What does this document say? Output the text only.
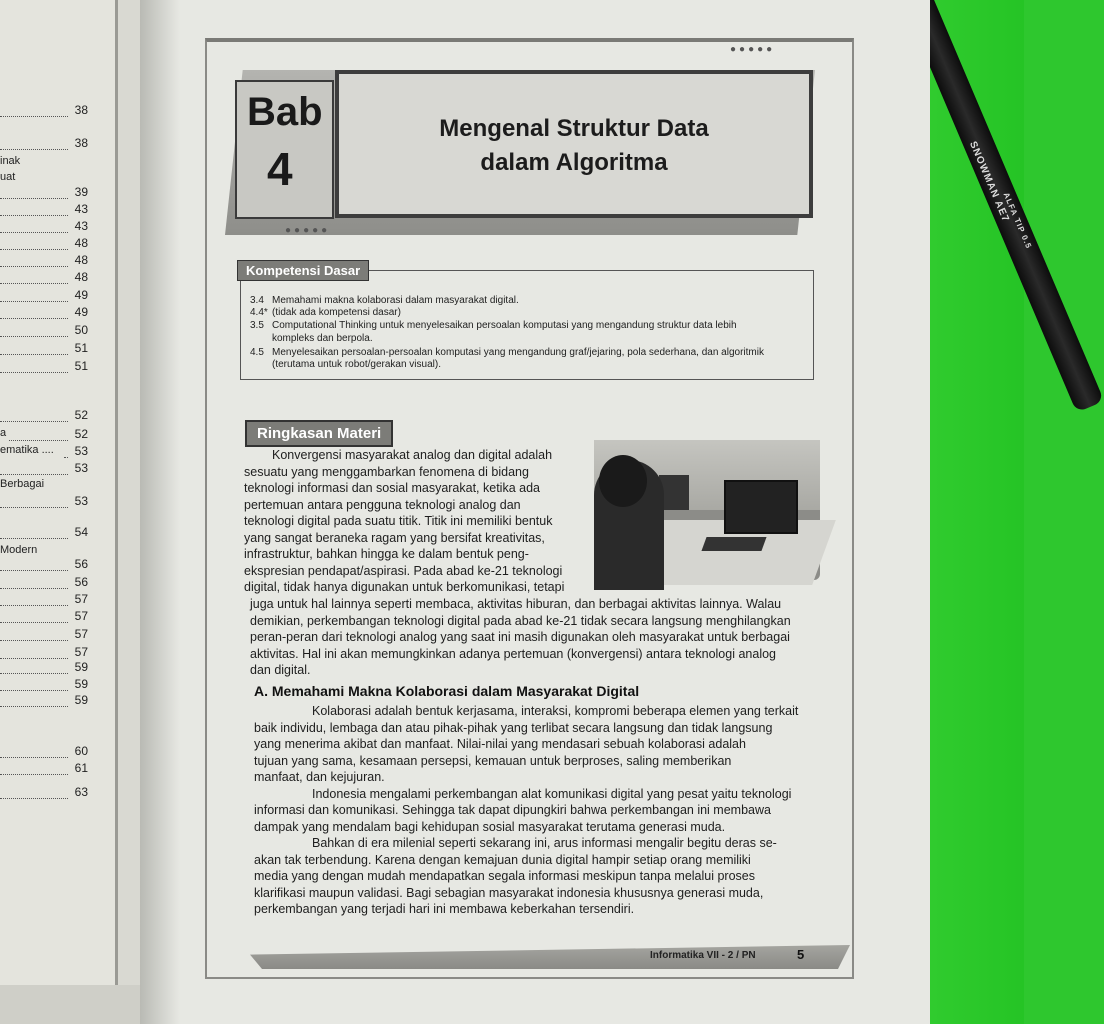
SNOWMAN AE7
ALFA TIP 0.5
38
38
inak
uat
39
43
43
48
48
48
49
49
50
51
51
52
a	52
ematika .... 53
53
Berbagai
53
54
Modern
56
56
57
57
57
57
59
59
59
60
61
63
Bab
4
Mengenal Struktur Data
dalam Algoritma
●●●●●
●●●●●
Kompetensi Dasar
3.4 Memahami makna kolaborasi dalam masyarakat digital.
4.4* (tidak ada kompetensi dasar)
3.5 Computational Thinking untuk menyelesaikan persoalan komputasi yang mengandung struktur data lebih
kompleks dan berpola.
4.5 Menyelesaikan persoalan-persoalan komputasi yang mengandung graf/jejaring, pola sederhana, dan algoritmik
(terutama untuk robot/gerakan visual).
Ringkasan Materi
Konvergensi masyarakat analog dan digital adalah
sesuatu yang menggambarkan fenomena di bidang
teknologi informasi dan sosial masyarakat, ketika ada
pertemuan antara pengguna teknologi analog dan
teknologi digital pada suatu titik. Titik ini memiliki bentuk
yang sangat beraneka ragam yang bersifat kreativitas,
infrastruktur, bahkan hingga ke dalam bentuk peng-
ekspresian pendapat/aspirasi. Pada abad ke-21 teknologi
digital, tidak hanya digunakan untuk berkomunikasi, tetapi
juga untuk hal lainnya seperti membaca, aktivitas hiburan, dan berbagai aktivitas lainnya. Walau
demikian, perkembangan teknologi digital pada abad ke-21 tidak secara langsung menghilangkan
peran-peran dari teknologi analog yang saat ini masih digunakan oleh masyarakat untuk berbagai
aktivitas. Hal ini akan memungkinkan adanya pertemuan (konvergensi) antara teknologi analog
dan digital.
A. Memahami Makna Kolaborasi dalam Masyarakat Digital
Kolaborasi adalah bentuk kerjasama, interaksi, kompromi beberapa elemen yang terkait
baik individu, lembaga dan atau pihak-pihak yang terlibat secara langsung dan tidak langsung
yang menerima akibat dan manfaat. Nilai-nilai yang mendasari sebuah kolaborasi adalah
tujuan yang sama, kesamaan persepsi, kemauan untuk berproses, saling memberikan
manfaat, dan kejujuran.
Indonesia mengalami perkembangan alat komunikasi digital yang pesat yaitu teknologi
informasi dan komunikasi. Sehingga tak dapat dipungkiri bahwa perkembangan ini membawa
dampak yang mendalam bagi kehidupan sosial masyarakat terutama generasi muda.
Bahkan di era milenial seperti sekarang ini, arus informasi mengalir begitu deras se-
akan tak terbendung. Karena dengan kemajuan dunia digital hampir setiap orang memiliki
media yang dengan mudah mendapatkan segala informasi meskipun tanpa melalui proses
klarifikasi maupun validasi. Bagi sebagian masyarakat indonesia khususnya generasi muda,
perkembangan yang terjadi hari ini membawa keberkahan tersendiri.
Informatika VII - 2 / PN	5
